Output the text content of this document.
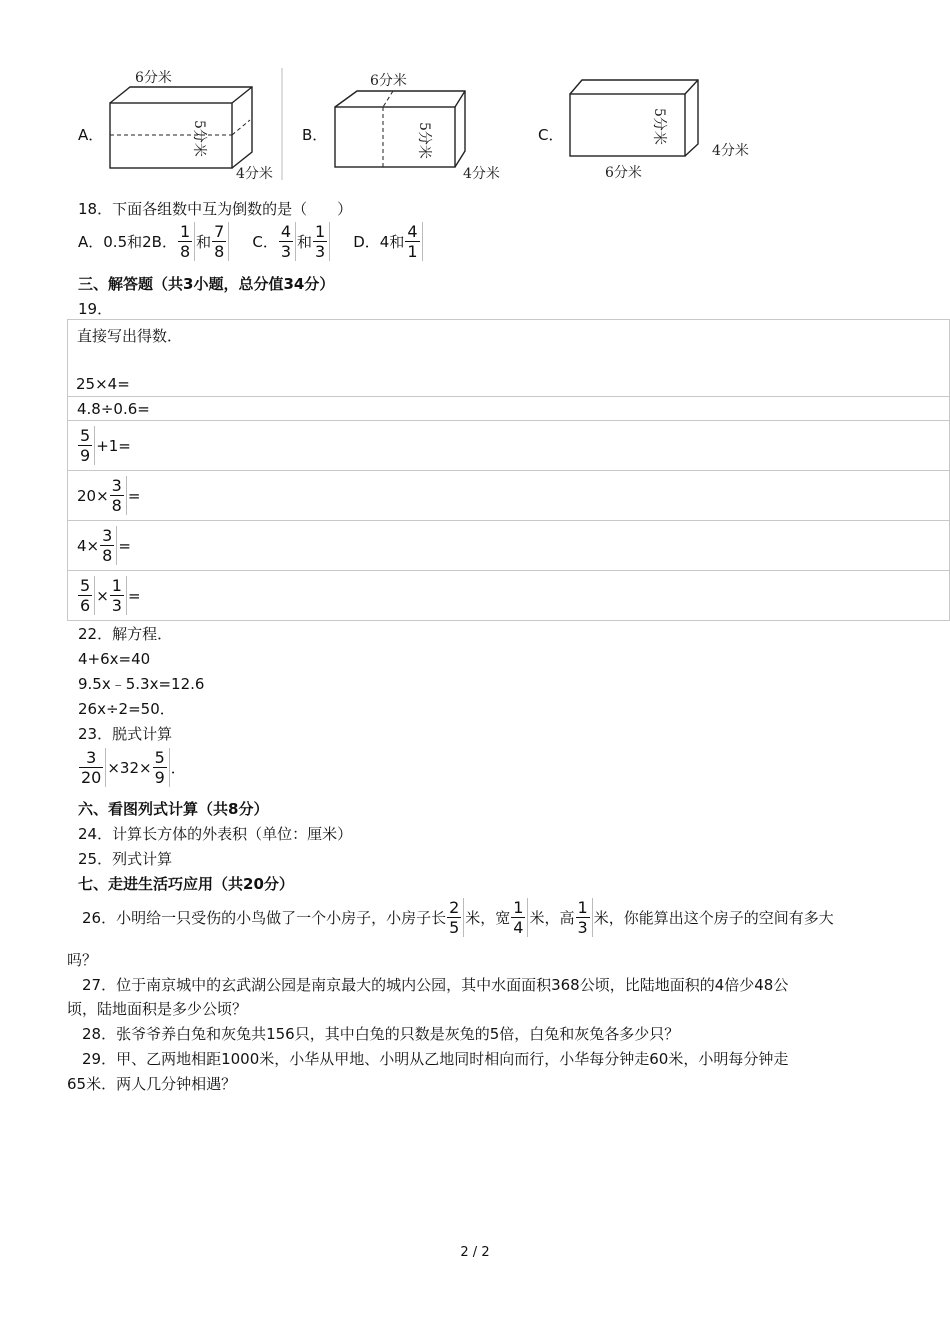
A．
6分米
5分米
4分米
B．
6分米
5分米
4分米
C．	5分米
4分米
6分米
18．下面各组数中互为倒数的是（　　）
A．0.5和2 B． $\frac{1}{8}$ 和 $\frac{7}{8}$ C． $\frac{4}{3}$ 和 $\frac{1}{3}$ D．4和 $\frac{4}{1}$
三、解答题（共3小题，总分值34分）
19．
直接写出得数．
25×4=

4.8÷0.6=

$\frac{5}{9} +1=$

$20\times \frac{3}{8}$ =

$4\times \frac{3}{8}$ =

$\frac{5}{6} \times \frac{1}{3}$ =
22．解方程．
4+6x=40
9.5x﹣5.3x=12.6
26x÷2=50．
23．脱式计算
$\frac{3}{20} \times 32\times \frac{5}{9}$ ．
六、看图列式计算（共8分）
24．计算长方体的外表积（单位：厘米）
25．列式计算
七、走进生活巧应用（共20分）
26．小明给一只受伤的小鸟做了一个小房子，小房子长 $\frac{2}{5}$ 米，宽 $\frac{1}{4}$ 米，高 $\frac{1}{3}$ 米，你能算出这个房子的空间有多大
吗？
27．位于南京城中的玄武湖公园是南京最大的城内公园，其中水面面积368公顷，比陆地面积的4倍少48公
顷，陆地面积是多少公顷？
28．张爷爷养白兔和灰兔共156只，其中白兔的只数是灰兔的5倍，白兔和灰兔各多少只？
29．甲、乙两地相距1000米，小华从甲地、小明从乙地同时相向而行，小华每分钟走60米，小明每分钟走
65米．两人几分钟相遇？
2 / 2
